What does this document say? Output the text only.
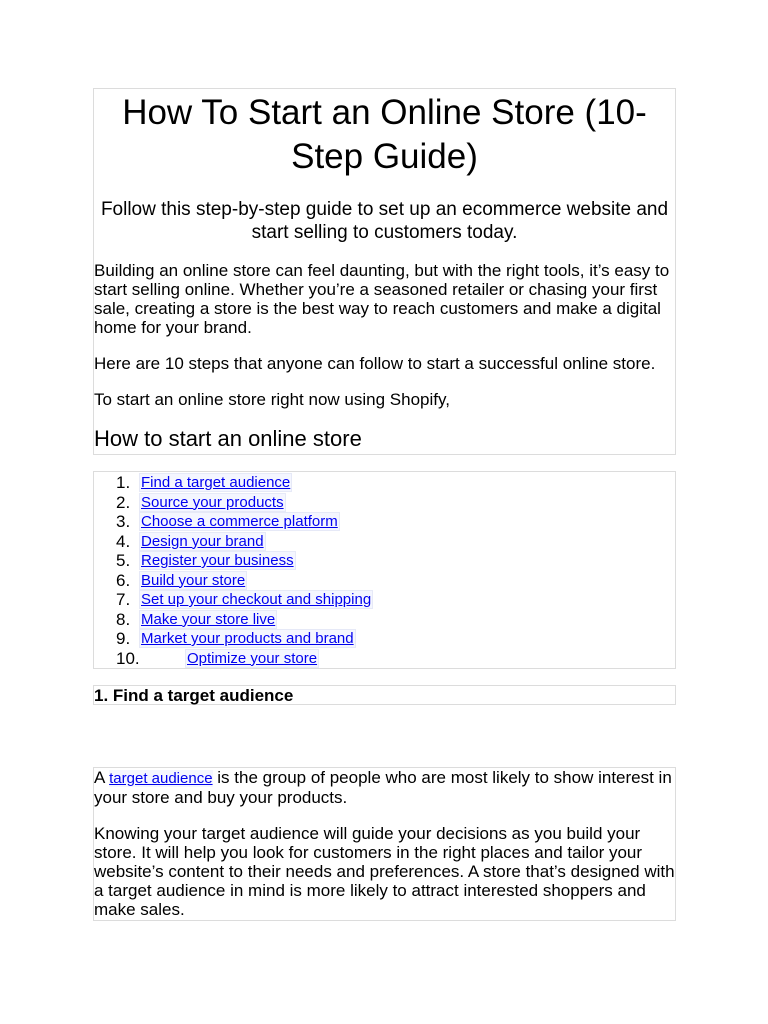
How To Start an Online Store (10-Step Guide)
Follow this step-by-step guide to set up an ecommerce website and start selling to customers today.

Building an online store can feel daunting, but with the right tools, it’s easy to start selling online. Whether you’re a seasoned retailer or chasing your first sale, creating a store is the best way to reach customers and make a digital home for your brand.

Here are 10 steps that anyone can follow to start a successful online store.

To start an online store right now using Shopify,

How to start an online store
1. Find a target audience
2. Source your products
3. Choose a commerce platform
4. Design your brand
5. Register your business
6. Build your store
7. Set up your checkout and shipping
8. Make your store live
9. Market your products and brand
10.	Optimize your store
1. Find a target audience

A target audience is the group of people who are most likely to show interest in your store and buy your products.

Knowing your target audience will guide your decisions as you build your store. It will help you look for customers in the right places and tailor your website’s content to their needs and preferences. A store that’s designed with a target audience in mind is more likely to attract interested shoppers and make sales.
